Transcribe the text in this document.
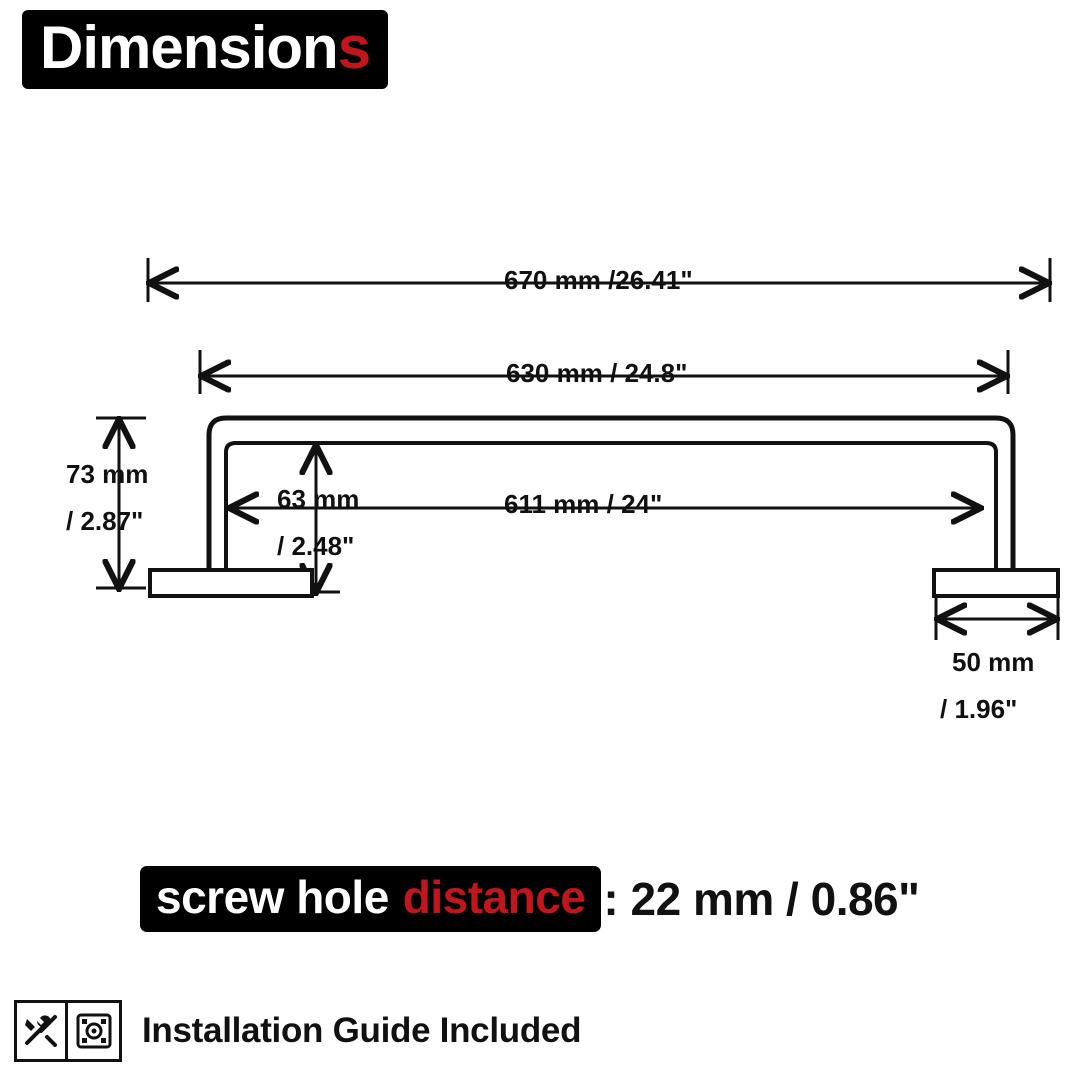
Dimension s
670 mm /26.41"
630 mm / 24.8"
611 mm / 24"
73 mm
/ 2.87"
63 mm
/ 2.48"
50 mm
/ 1.96"
screw hole distance : 22 mm / 0.86"
Installation Guide Included
